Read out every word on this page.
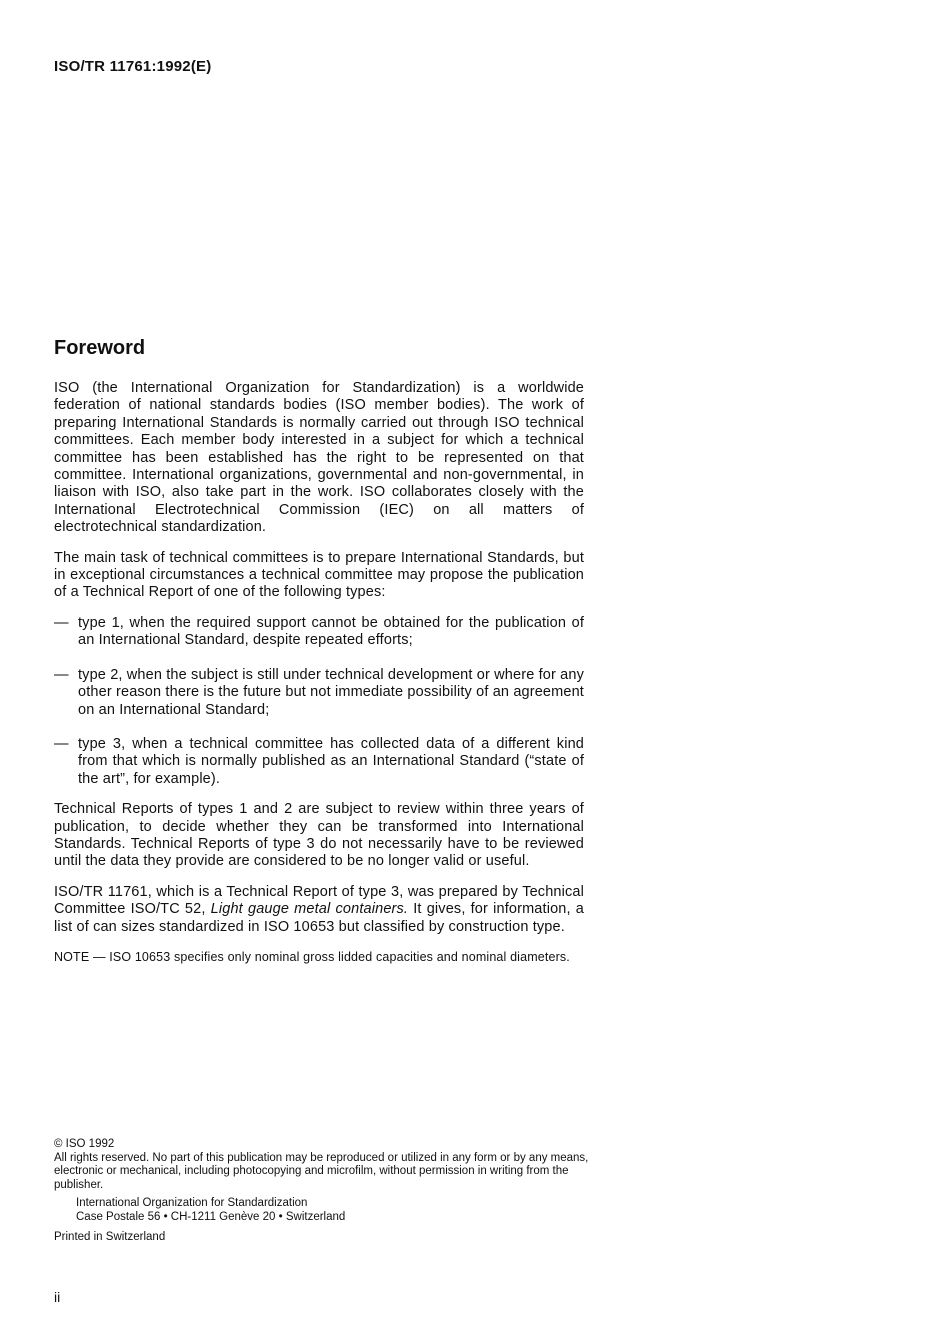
ISO/TR 11761:1992(E)
Foreword

ISO (the International Organization for Standardization) is a worldwide federation of national standards bodies (ISO member bodies). The work of preparing International Standards is normally carried out through ISO technical committees. Each member body interested in a subject for which a technical committee has been established has the right to be represented on that committee. International organizations, governmental and non-governmental, in liaison with ISO, also take part in the work. ISO collaborates closely with the International Electrotechnical Commission (IEC) on all matters of electrotechnical standardization.

The main task of technical committees is to prepare International Standards, but in exceptional circumstances a technical committee may propose the publication of a Technical Report of one of the following types:

— type 1, when the required support cannot be obtained for the publication of an International Standard, despite repeated efforts;
— type 2, when the subject is still under technical development or where for any other reason there is the future but not immediate possibility of an agreement on an International Standard;
— type 3, when a technical committee has collected data of a different kind from that which is normally published as an International Standard (“state of the art”, for example).

Technical Reports of types 1 and 2 are subject to review within three years of publication, to decide whether they can be transformed into International Standards. Technical Reports of type 3 do not necessarily have to be reviewed until the data they provide are considered to be no longer valid or useful.

ISO/TR 11761, which is a Technical Report of type 3, was prepared by Technical Committee ISO/TC 52, Light gauge metal containers. It gives, for information, a list of can sizes standardized in ISO 10653 but classified by construction type.

NOTE — ISO 10653 specifies only nominal gross lidded capacities and nominal diameters.
© ISO 1992
All rights reserved. No part of this publication may be reproduced or utilized in any form or by any means, electronic or mechanical, including photocopying and microfilm, without permission in writing from the publisher.
International Organization for Standardization
Case Postale 56 • CH-1211 Genève 20 • Switzerland
Printed in Switzerland
ii
